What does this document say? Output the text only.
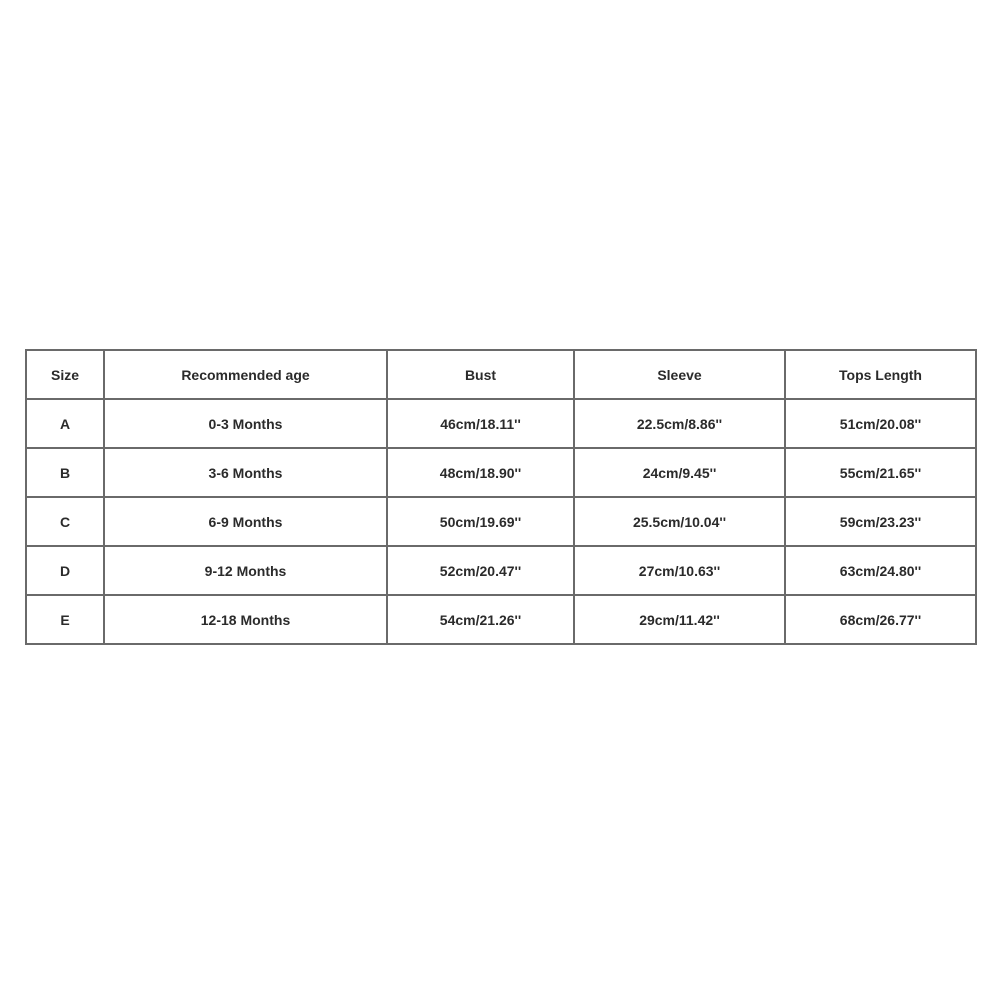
Size	Recommended age	Bust	Sleeve	Tops Length
A	0-3 Months	46cm/18.11''	22.5cm/8.86''	51cm/20.08''
B	3-6 Months	48cm/18.90''	24cm/9.45''	55cm/21.65''
C	6-9 Months	50cm/19.69''	25.5cm/10.04''	59cm/23.23''
D	9-12 Months	52cm/20.47''	27cm/10.63''	63cm/24.80''
E	12-18 Months	54cm/21.26''	29cm/11.42''	68cm/26.77''
